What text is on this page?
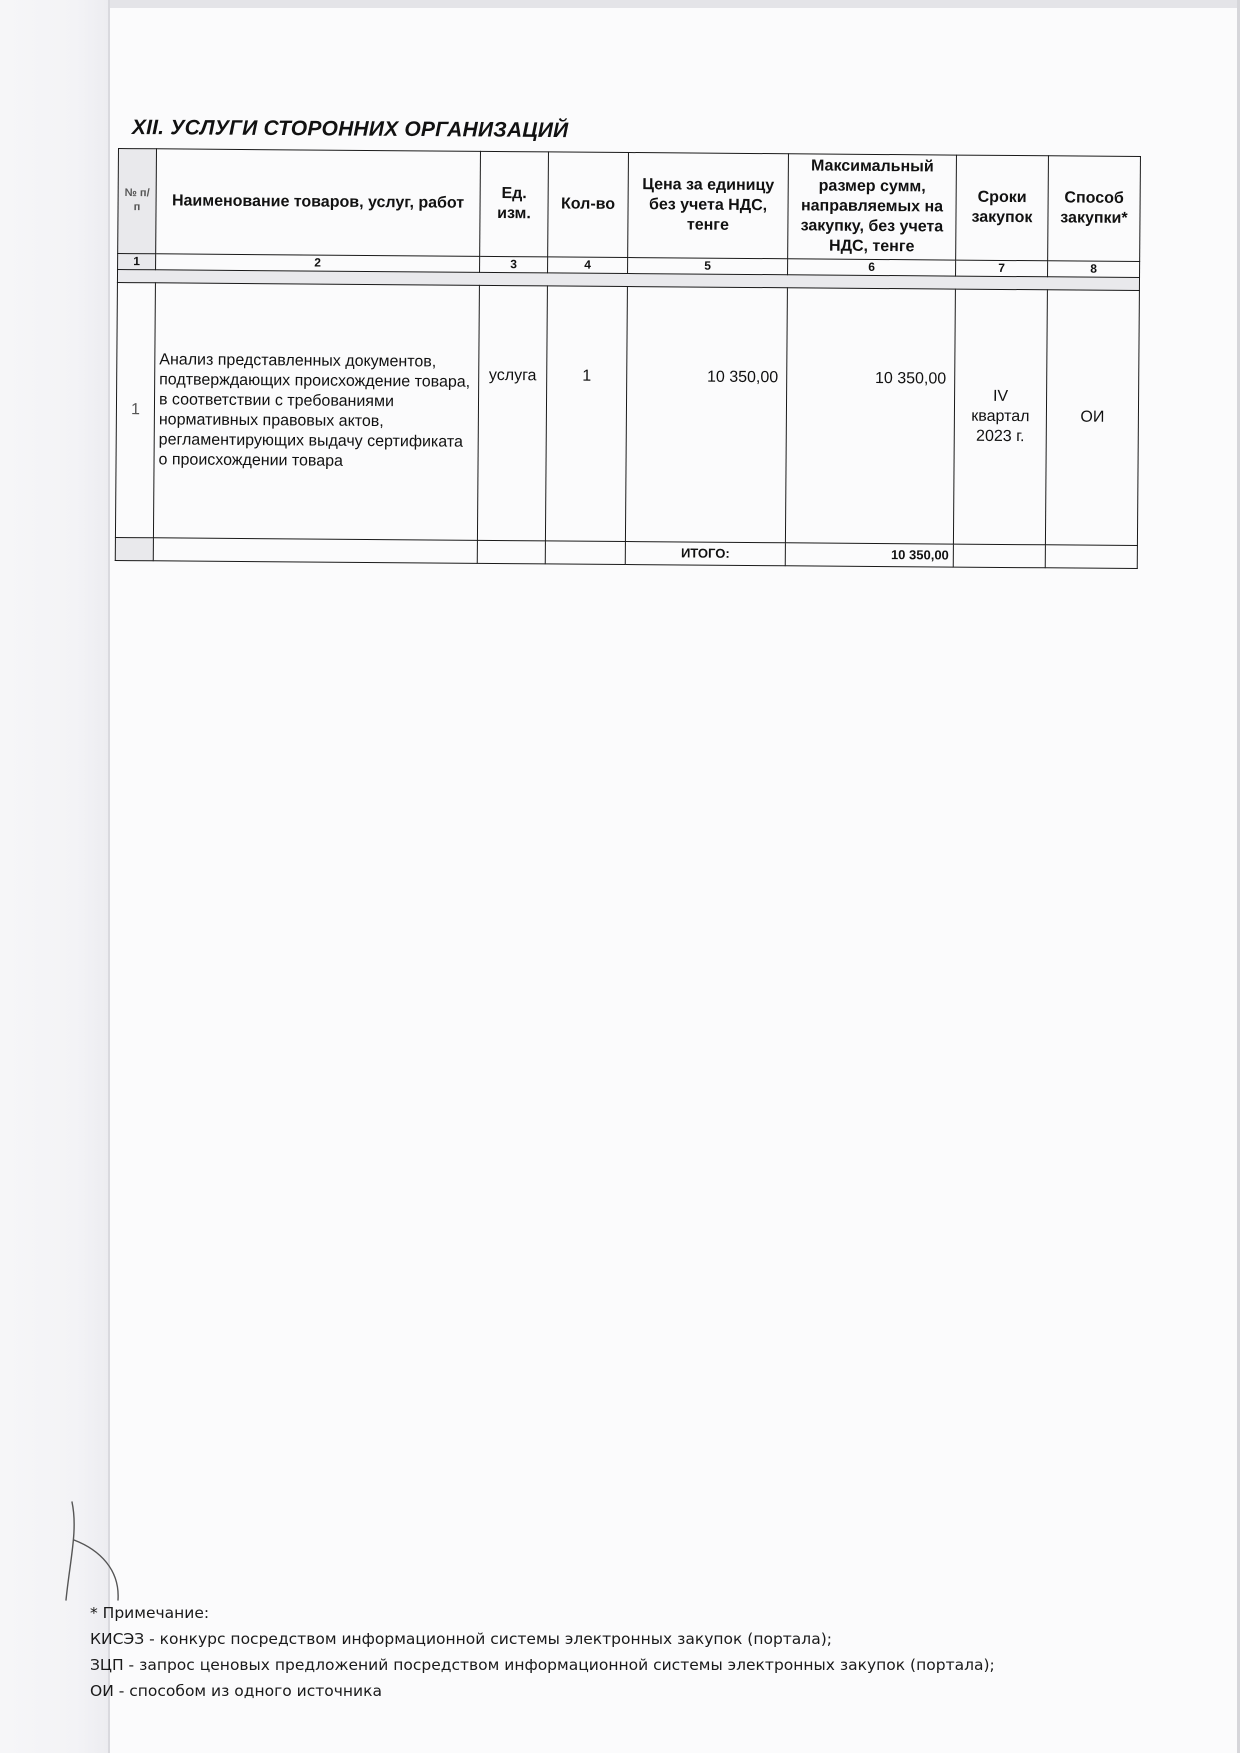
XII. УСЛУГИ СТОРОННИХ ОРГАНИЗАЦИЙ
№ п/п	Наименование товаров, услуг, работ	Ед. изм.	Кол-во	Цена за единицу без учета НДС, тенге	Максимальный размер сумм, направляемых на закупку, без учета НДС, тенге	Сроки закупок	Способ закупки*
1	2	3	4	5	6	7	8

1	Анализ представленных документов, подтверждающих происхождение товара, в соответствии с требованиями нормативных правовых актов, регламентирующих выдачу сертификата о происхождении товара	услуга	1	10 350,00	10 350,00	IV квартал 2023 г.	ОИ
				ИТОГО:	10 350,00		
* Примечание:
КИСЭЗ - конкурс посредством информационной системы электронных закупок (портала);
ЗЦП - запрос ценовых предложений посредством информационной системы электронных закупок (портала);
ОИ - способом из одного источника
